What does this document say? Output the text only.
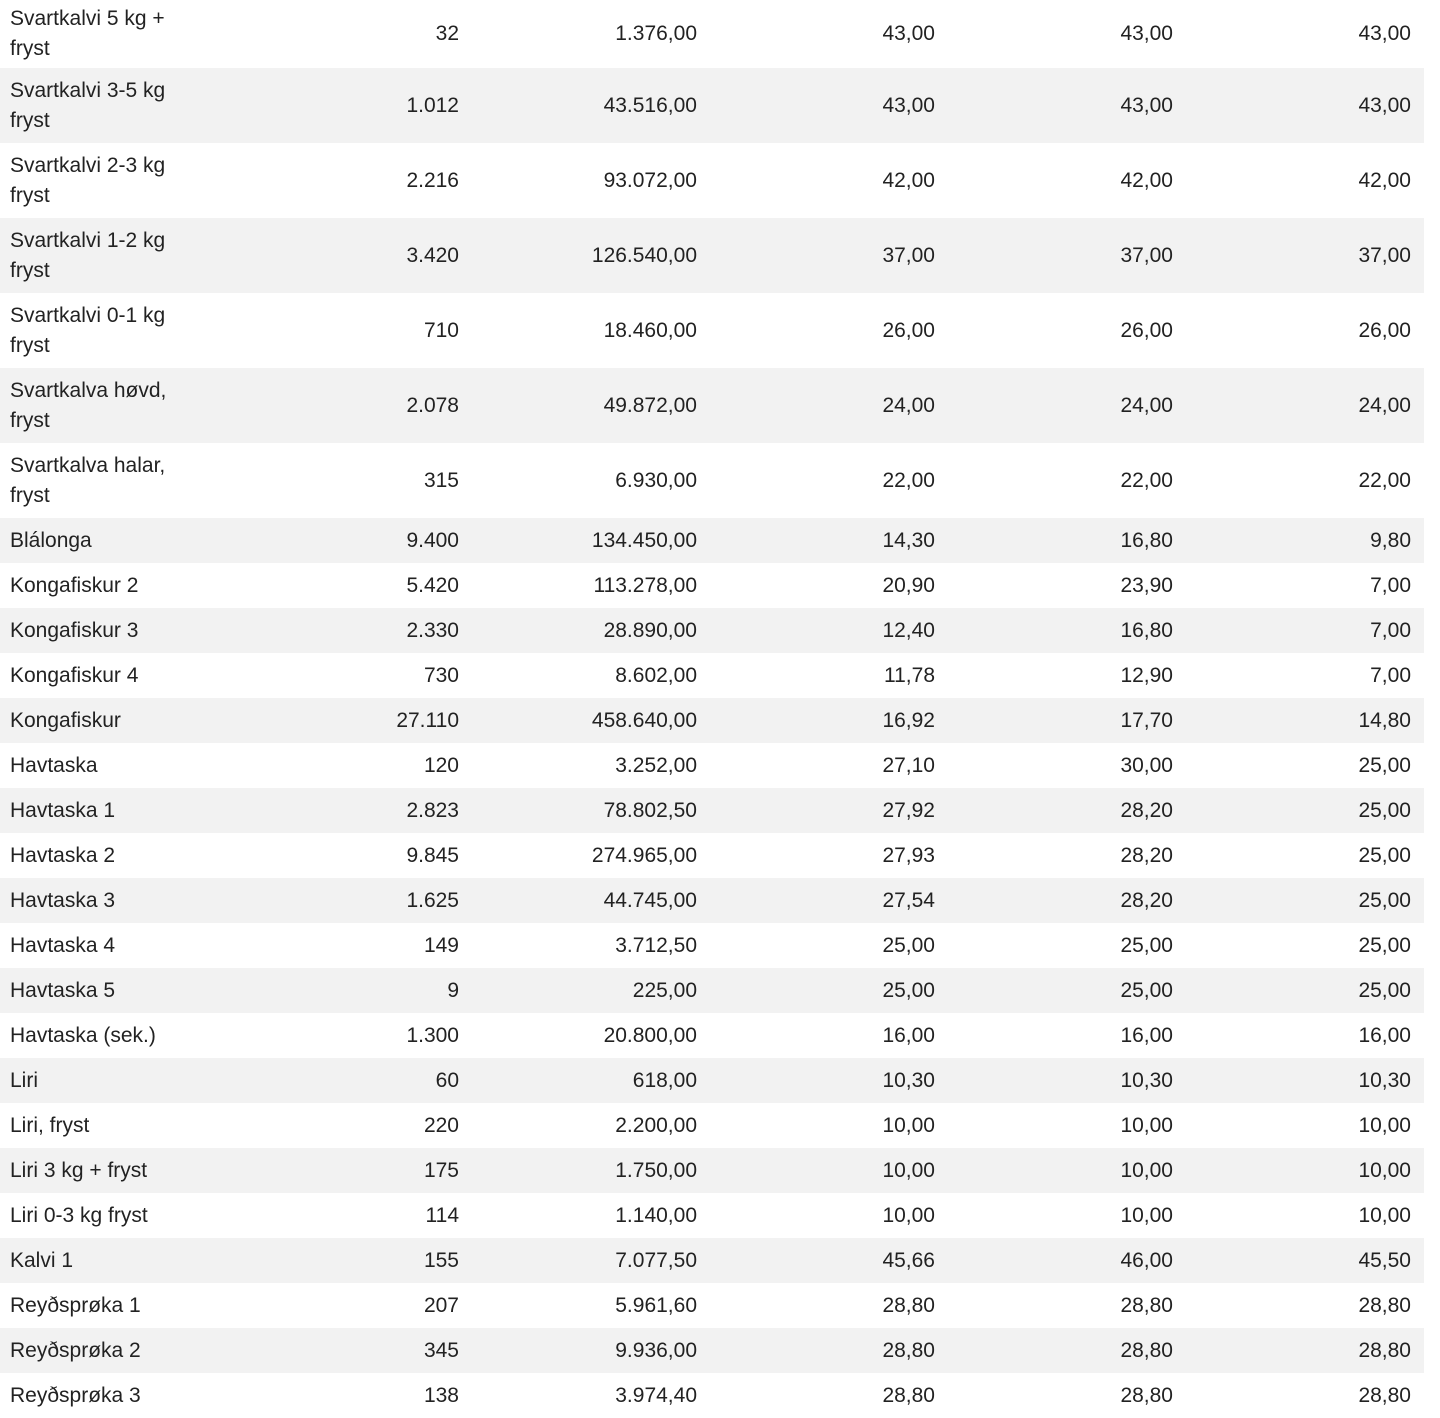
Svartkalvi 5 kg + fryst	32	1.376,00	43,00	43,00	43,00
Svartkalvi 3-5 kg fryst	1.012	43.516,00	43,00	43,00	43,00
Svartkalvi 2-3 kg fryst	2.216	93.072,00	42,00	42,00	42,00
Svartkalvi 1-2 kg fryst	3.420	126.540,00	37,00	37,00	37,00
Svartkalvi 0-1 kg fryst	710	18.460,00	26,00	26,00	26,00
Svartkalva høvd, fryst	2.078	49.872,00	24,00	24,00	24,00
Svartkalva halar, fryst	315	6.930,00	22,00	22,00	22,00
Blálonga	9.400	134.450,00	14,30	16,80	9,80
Kongafiskur 2	5.420	113.278,00	20,90	23,90	7,00
Kongafiskur 3	2.330	28.890,00	12,40	16,80	7,00
Kongafiskur 4	730	8.602,00	11,78	12,90	7,00
Kongafiskur	27.110	458.640,00	16,92	17,70	14,80
Havtaska	120	3.252,00	27,10	30,00	25,00
Havtaska 1	2.823	78.802,50	27,92	28,20	25,00
Havtaska 2	9.845	274.965,00	27,93	28,20	25,00
Havtaska 3	1.625	44.745,00	27,54	28,20	25,00
Havtaska 4	149	3.712,50	25,00	25,00	25,00
Havtaska 5	9	225,00	25,00	25,00	25,00
Havtaska (sek.)	1.300	20.800,00	16,00	16,00	16,00
Liri	60	618,00	10,30	10,30	10,30
Liri, fryst	220	2.200,00	10,00	10,00	10,00
Liri 3 kg + fryst	175	1.750,00	10,00	10,00	10,00
Liri 0-3 kg fryst	114	1.140,00	10,00	10,00	10,00
Kalvi 1	155	7.077,50	45,66	46,00	45,50
Reyðsprøka 1	207	5.961,60	28,80	28,80	28,80
Reyðsprøka 2	345	9.936,00	28,80	28,80	28,80
Reyðsprøka 3	138	3.974,40	28,80	28,80	28,80
